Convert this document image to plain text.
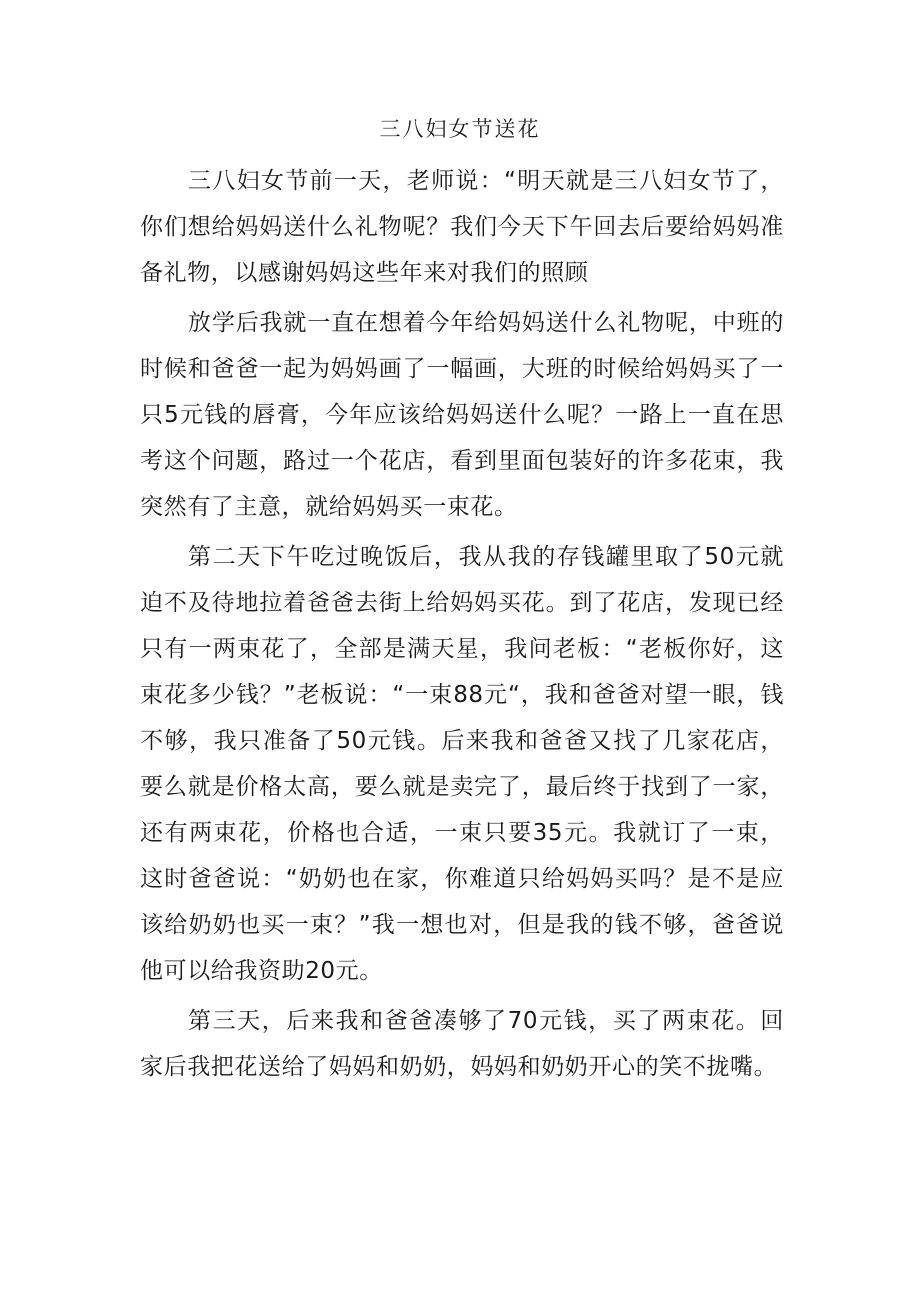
三八妇女节送花

三八妇女节前一天，老师说：“明天就是三八妇女节了，你们想给妈妈送什么礼物呢？我们今天下午回去后要给妈妈准备礼物，以感谢妈妈这些年来对我们的照顾

放学后我就一直在想着今年给妈妈送什么礼物呢，中班的时候和爸爸一起为妈妈画了一幅画，大班的时候给妈妈买了一只5元钱的唇膏，今年应该给妈妈送什么呢？一路上一直在思考这个问题，路过一个花店，看到里面包装好的许多花束，我突然有了主意，就给妈妈买一束花。

第二天下午吃过晚饭后，我从我的存钱罐里取了50元就迫不及待地拉着爸爸去街上给妈妈买花。到了花店，发现已经只有一两束花了，全部是满天星，我问老板：“老板你好，这束花多少钱？”老板说：“一束88元“，我和爸爸对望一眼，钱不够，我只准备了50元钱。后来我和爸爸又找了几家花店，要么就是价格太高，要么就是卖完了，最后终于找到了一家，还有两束花，价格也合适，一束只要35元。我就订了一束，这时爸爸说：“奶奶也在家，你难道只给妈妈买吗？是不是应该给奶奶也买一束？”我一想也对，但是我的钱不够，爸爸说他可以给我资助20元。

第三天，后来我和爸爸凑够了70元钱，买了两束花。回家后我把花送给了妈妈和奶奶，妈妈和奶奶开心的笑不拢嘴。
